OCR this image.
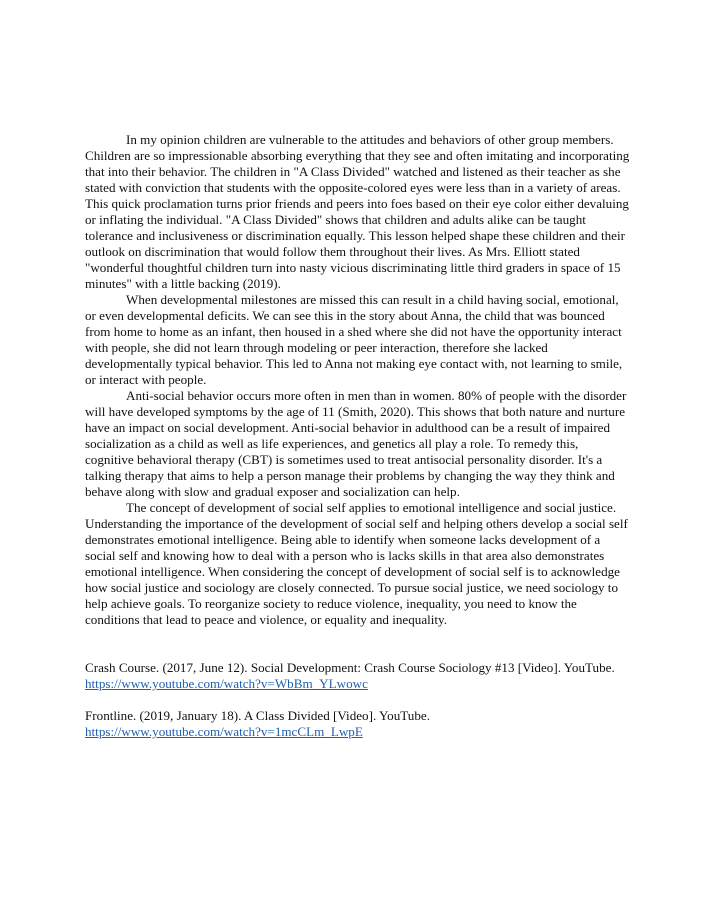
In my opinion children are vulnerable to the attitudes and behaviors of other group members. Children are so impressionable absorbing everything that they see and often imitating and incorporating that into their behavior. The children in "A Class Divided" watched and listened as their teacher as she stated with conviction that students with the opposite-colored eyes were less than in a variety of areas. This quick proclamation turns prior friends and peers into foes based on their eye color either devaluing or inflating the individual. "A Class Divided" shows that children and adults alike can be taught tolerance and inclusiveness or discrimination equally. This lesson helped shape these children and their outlook on discrimination that would follow them throughout their lives. As Mrs. Elliott stated "wonderful thoughtful children turn into nasty vicious discriminating little third graders in space of 15 minutes" with a little backing (2019).

When developmental milestones are missed this can result in a child having social, emotional, or even developmental deficits. We can see this in the story about Anna, the child that was bounced from home to home as an infant, then housed in a shed where she did not have the opportunity interact with people, she did not learn through modeling or peer interaction, therefore she lacked developmentally typical behavior. This led to Anna not making eye contact with, not learning to smile, or interact with people.

Anti-social behavior occurs more often in men than in women. 80% of people with the disorder will have developed symptoms by the age of 11 (Smith, 2020). This shows that both nature and nurture have an impact on social development. Anti-social behavior in adulthood can be a result of impaired socialization as a child as well as life experiences, and genetics all play a role. To remedy this, cognitive behavioral therapy (CBT) is sometimes used to treat antisocial personality disorder. It's a talking therapy that aims to help a person manage their problems by changing the way they think and behave along with slow and gradual exposer and socialization can help.

The concept of development of social self applies to emotional intelligence and social justice. Understanding the importance of the development of social self and helping others develop a social self demonstrates emotional intelligence. Being able to identify when someone lacks development of a social self and knowing how to deal with a person who is lacks skills in that area also demonstrates emotional intelligence. When considering the concept of development of social self is to acknowledge how social justice and sociology are closely connected. To pursue social justice, we need sociology to help achieve goals. To reorganize society to reduce violence, inequality, you need to know the conditions that lead to peace and violence, or equality and inequality.

Crash Course. (2017, June 12). Social Development: Crash Course Sociology #13 [Video]. YouTube. https://www.youtube.com/watch?v=WbBm_YLwowc

Frontline. (2019, January 18). A Class Divided [Video]. YouTube.
https://www.youtube.com/watch?v=1mcCLm_LwpE
